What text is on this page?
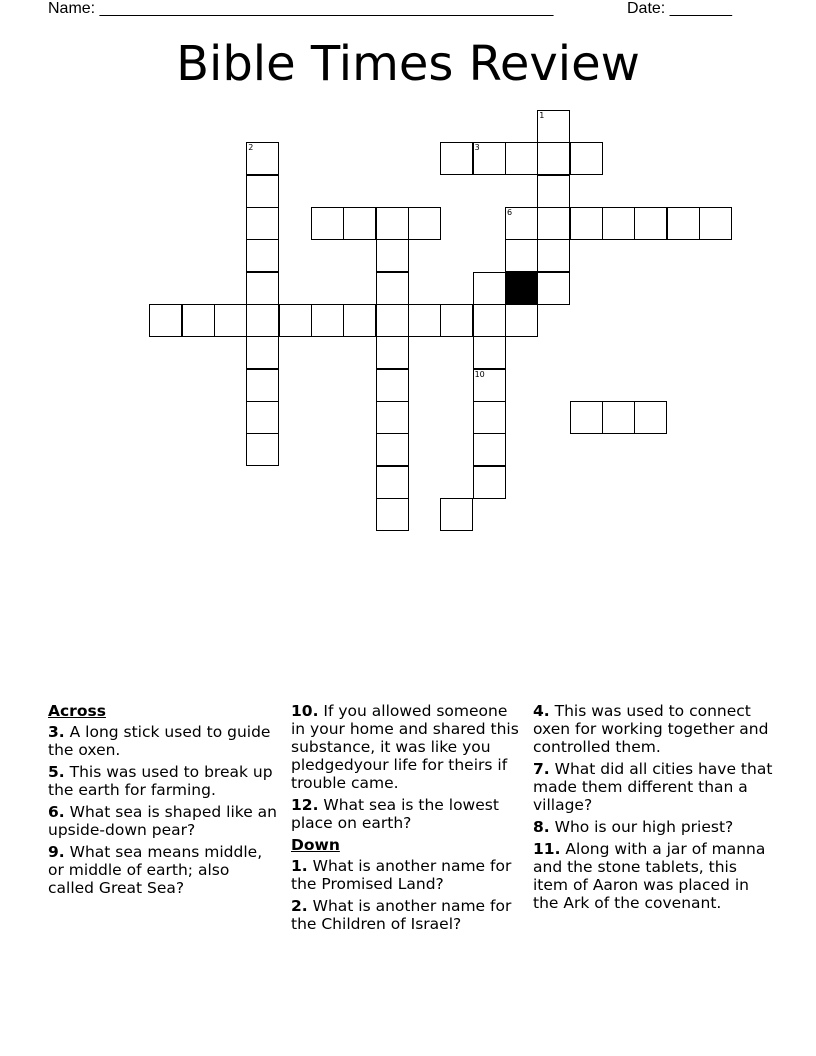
Name: ___________________________________________________	Date: _______
Bible Times Review
1
2	3
6
10
Across
3. A long stick used to guide the oxen.
5. This was used to break up the earth for farming.
6. What sea is shaped like an upside-down pear?
9. What sea means middle, or middle of earth; also called Great Sea?
10. If you allowed someone in your home and shared this substance, it was like you pledgedyour life for theirs if trouble came.
12. What sea is the lowest place on earth?
Down
1. What is another name for the Promised Land?
2. What is another name for the Children of Israel?
4. This was used to connect oxen for working together and controlled them.
7. What did all cities have that made them different than a village?
8. Who is our high priest?
11. Along with a jar of manna and the stone tablets, this item of Aaron was placed in the Ark of the covenant.
